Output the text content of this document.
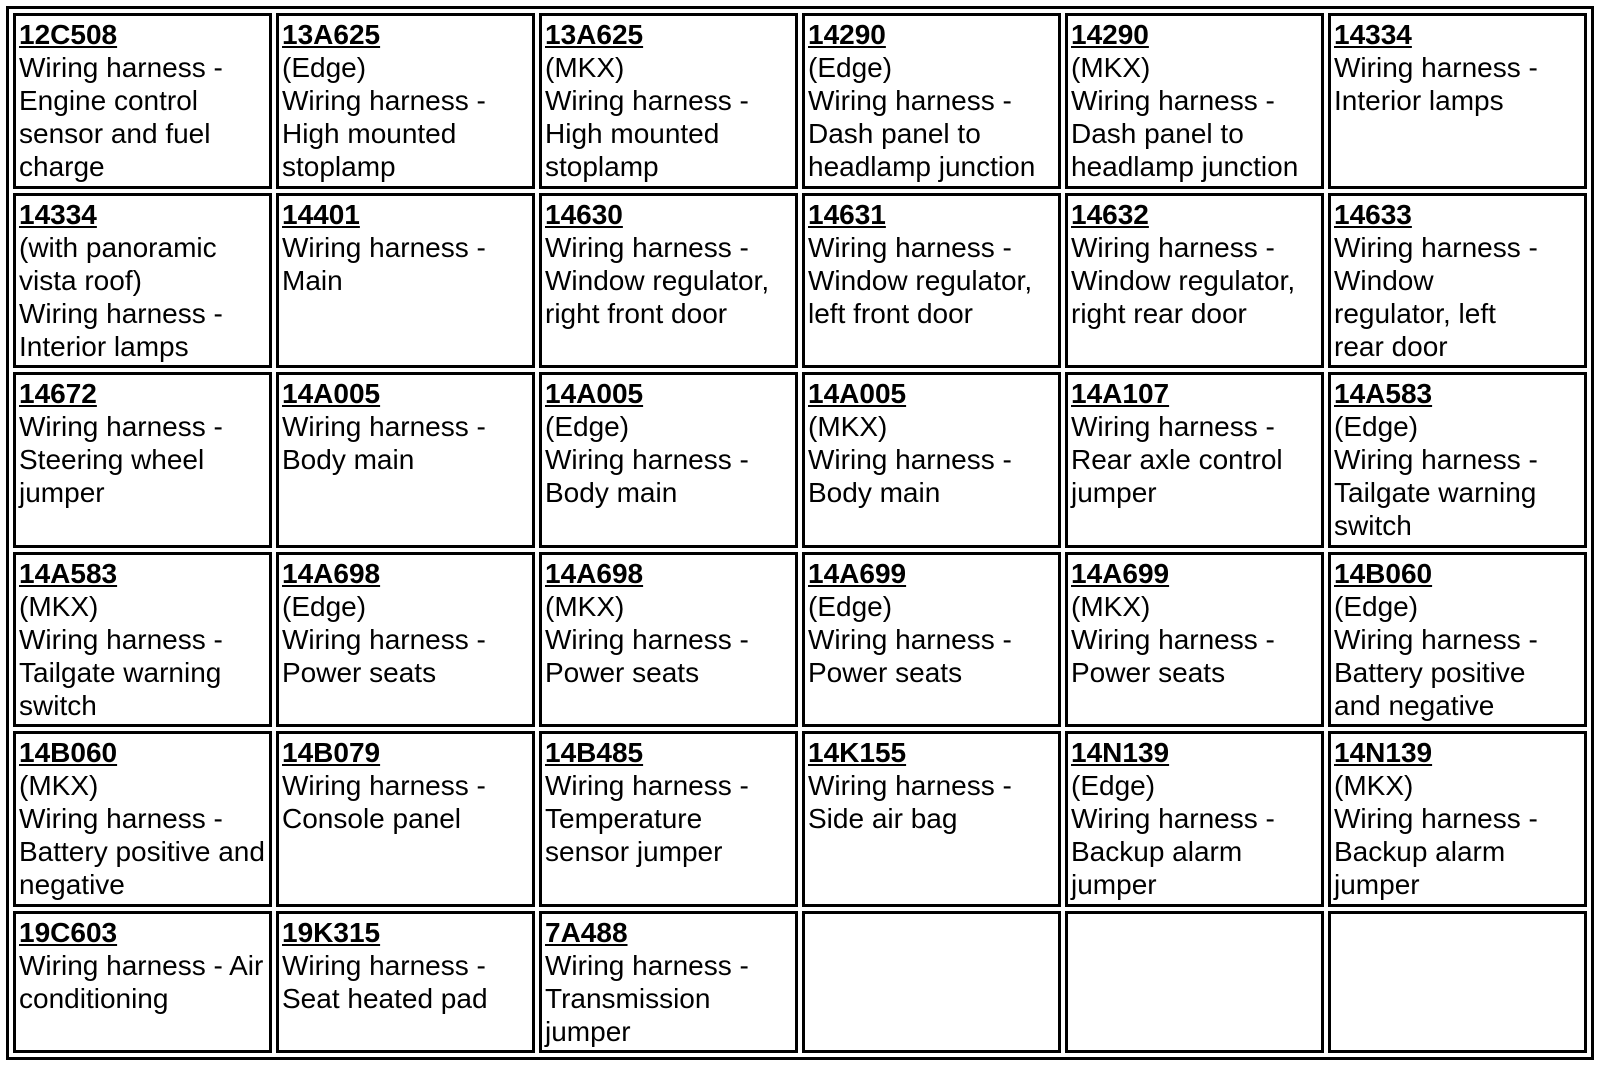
12C508
Wiring harness -
Engine control
sensor and fuel
charge	13A625
(Edge)
Wiring harness -
High mounted
stoplamp	13A625
(MKX)
Wiring harness -
High mounted
stoplamp	14290
(Edge)
Wiring harness -
Dash panel to
headlamp junction	14290
(MKX)
Wiring harness -
Dash panel to
headlamp junction	14334
Wiring harness -
Interior lamps

14334
(with panoramic
vista roof)
Wiring harness -
Interior lamps	14401
Wiring harness -
Main	14630
Wiring harness -
Window regulator,
right front door	14631
Wiring harness -
Window regulator,
left front door	14632
Wiring harness -
Window regulator,
right rear door	14633
Wiring harness -
Window
regulator, left
rear door

14672
Wiring harness -
Steering wheel
jumper	14A005
Wiring harness -
Body main	14A005
(Edge)
Wiring harness -
Body main	14A005
(MKX)
Wiring harness -
Body main	14A107
Wiring harness -
Rear axle control
jumper	14A583
(Edge)
Wiring harness -
Tailgate warning
switch

14A583
(MKX)
Wiring harness -
Tailgate warning
switch	14A698
(Edge)
Wiring harness -
Power seats	14A698
(MKX)
Wiring harness -
Power seats	14A699
(Edge)
Wiring harness -
Power seats	14A699
(MKX)
Wiring harness -
Power seats	14B060
(Edge)
Wiring harness -
Battery positive
and negative

14B060
(MKX)
Wiring harness -
Battery positive and
negative	14B079
Wiring harness -
Console panel	14B485
Wiring harness -
Temperature
sensor jumper	14K155
Wiring harness -
Side air bag	14N139
(Edge)
Wiring harness -
Backup alarm
jumper	14N139
(MKX)
Wiring harness -
Backup alarm
jumper

19C603
Wiring harness - Air
conditioning	19K315
Wiring harness -
Seat heated pad	7A488
Wiring harness -
Transmission
jumper			
